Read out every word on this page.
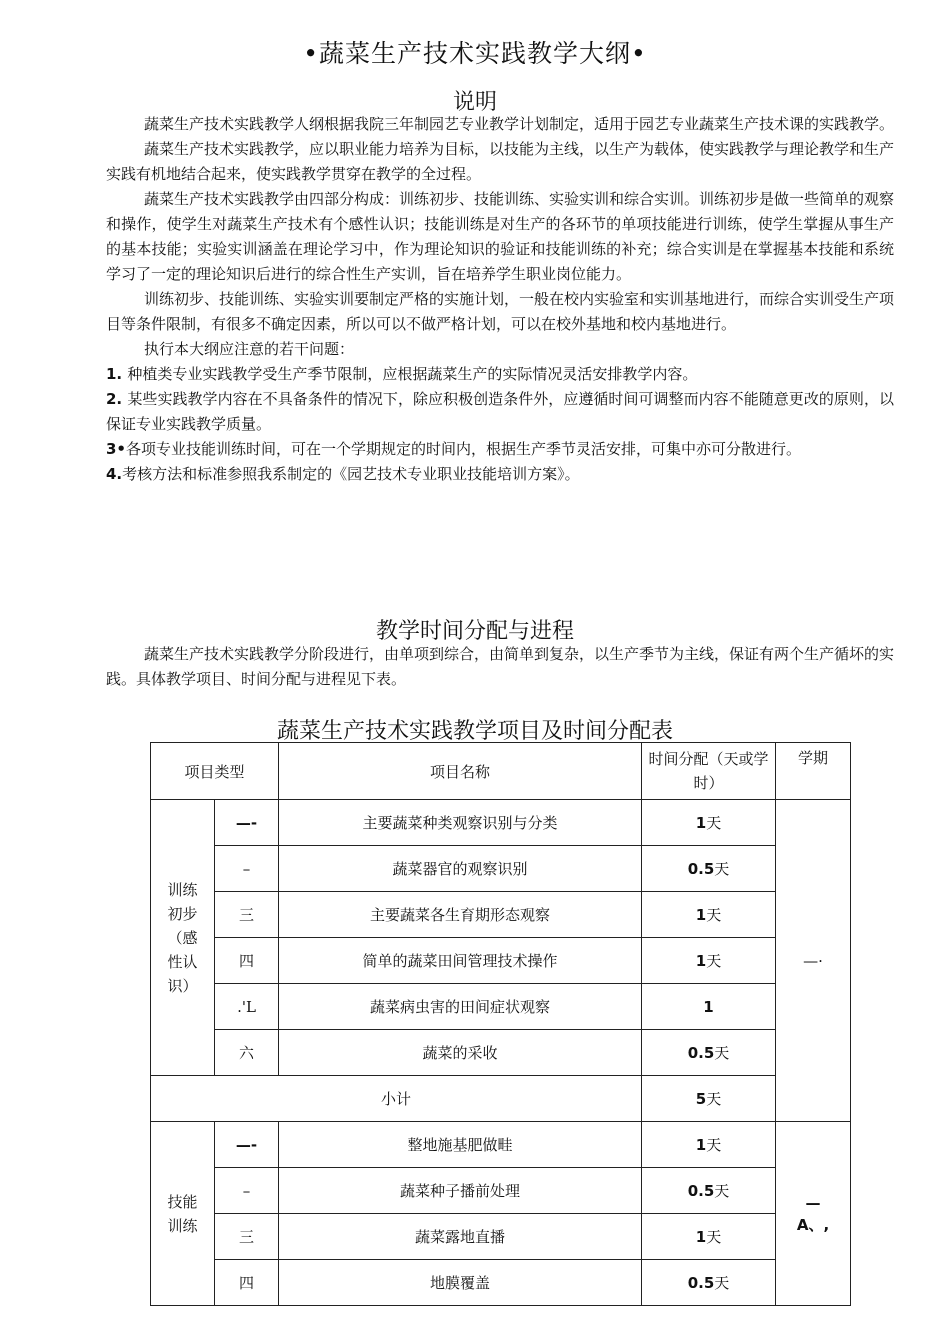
•蔬菜生产技术实践教学大纲•
说明

蔬菜生产技术实践教学人纲根据我院三年制园艺专业教学计划制定，适用于园艺专业蔬菜生产技术课的实践教学。

蔬菜生产技术实践教学，应以职业能力培养为目标，以技能为主线，以生产为载体，使实践教学与理论教学和生产实践有机地结合起来，使实践教学贯穿在教学的全过程。

蔬菜生产技术实践教学由四部分构成：训练初步、技能训练、实验实训和综合实训。训练初步是做一些简单的观察和操作，使学生对蔬菜生产技术有个感性认识；技能训练是对生产的各环节的单项技能进行训练，使学生掌握从事生产的基本技能；实验实训涵盖在理论学习中，作为理论知识的验证和技能训练的补充；综合实训是在掌握基本技能和系统学习了一定的理论知识后进行的综合性生产实训，旨在培养学生职业岗位能力。

训练初步、技能训练、实验实训要制定严格的实施计划，一般在校内实验室和实训基地进行，而综合实训受生产项目等条件限制，有很多不确定因素，所以可以不做严格计划，可以在校外基地和校内基地进行。

执行本大纲应注意的若干问题：

1. 种植类专业实践教学受生产季节限制，应根据蔬菜生产的实际情况灵活安排教学内容。

2. 某些实践教学内容在不具备条件的情况下，除应积极创造条件外，应遵循时间可调整而内容不能随意更改的原则，以保证专业实践教学质量。

3•各项专业技能训练时间，可在一个学期规定的时间内，根据生产季节灵活安排，可集中亦可分散进行。

4.考核方法和标准参照我系制定的《园艺技术专业职业技能培训方案》。

教学时间分配与进程

蔬菜生产技术实践教学分阶段进行，由单项到综合，由简单到复杂，以生产季节为主线，保证有两个生产循坏的实践。具体教学项目、时间分配与进程见下表。

蔬菜生产技术实践教学项目及时间分配表
项目类型		项目名称	时间分配（天或学时）	学期
训练初步（感性认识）	—-	主要蔬菜种类观察识别与分类	1天	—·
	–	蔬菜器官的观察识别	0.5天	
	三	主要蔬菜各生育期形态观察	1天	
	四	简单的蔬菜田间管理技术操作	1天	
	.'L	蔬菜病虫害的田间症状观察	1	
	六	蔬菜的采收	0.5天	
小计			5天	
技能训练	—-	整地施基肥做畦	1天	—
A、,

	–	蔬菜种子播前处理	0.5天	
	三	蔬菜露地直播	1天	
	四	地膜覆盖	0.5天	
